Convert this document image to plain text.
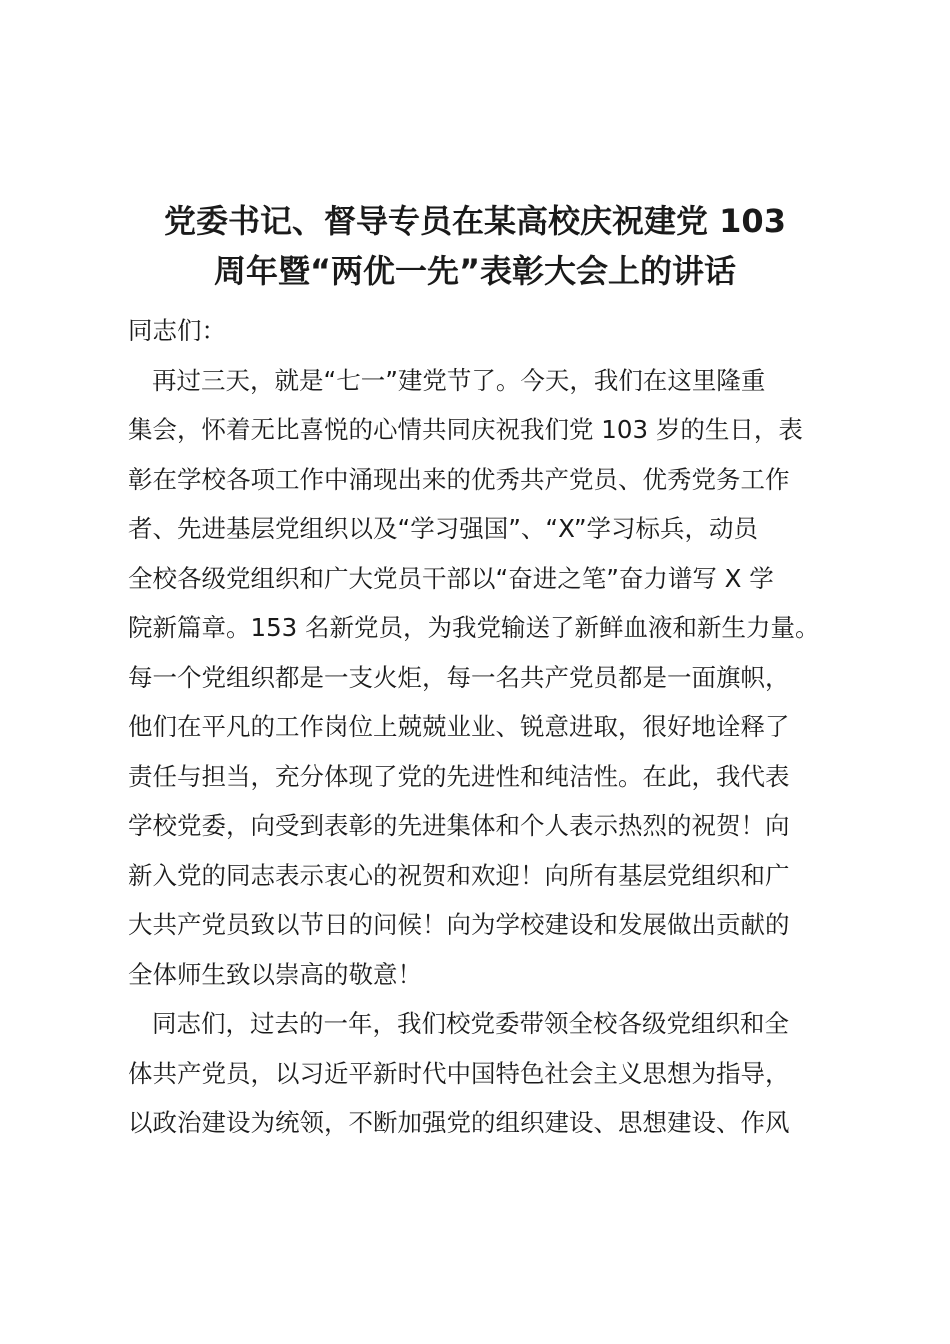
党委书记、督导专员在某高校庆祝建党 103
周年暨“两优一先”表彰大会上的讲话
同志们：
再过三天，就是“七一”建党节了。今天，我们在这里隆重
集会，怀着无比喜悦的心情共同庆祝我们党 103 岁的生日，表
彰在学校各项工作中涌现出来的优秀共产党员、优秀党务工作
者、先进基层党组织以及“学习强国”、“X”学习标兵，动员
全校各级党组织和广大党员干部以“奋进之笔”奋力谱写 X 学
院新篇章。153 名新党员，为我党输送了新鲜血液和新生力量。
每一个党组织都是一支火炬，每一名共产党员都是一面旗帜，
他们在平凡的工作岗位上兢兢业业、锐意进取，很好地诠释了
责任与担当，充分体现了党的先进性和纯洁性。在此，我代表
学校党委，向受到表彰的先进集体和个人表示热烈的祝贺！向
新入党的同志表示衷心的祝贺和欢迎！向所有基层党组织和广
大共产党员致以节日的问候！向为学校建设和发展做出贡献的
全体师生致以崇高的敬意！
同志们，过去的一年，我们校党委带领全校各级党组织和全
体共产党员，以习近平新时代中国特色社会主义思想为指导，
以政治建设为统领，不断加强党的组织建设、思想建设、作风
